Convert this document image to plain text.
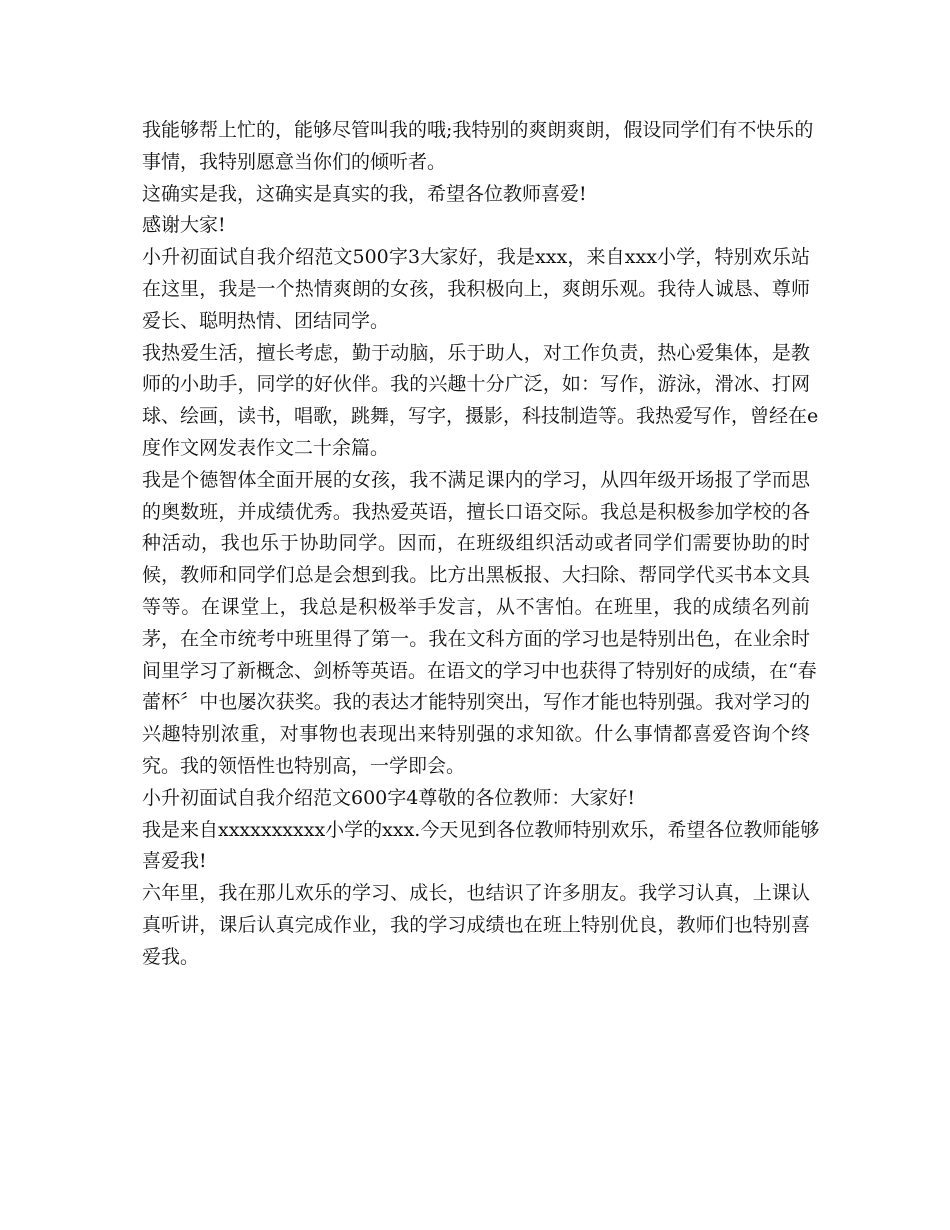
我能够帮上忙的，能够尽管叫我的哦;我特别的爽朗爽朗，假设同学们有不快乐的
事情，我特别愿意当你们的倾听者。
这确实是我，这确实是真实的我，希望各位教师喜爱!
感谢大家!
小升初面试自我介绍范文500字3大家好，我是xxx，来自xxx小学，特别欢乐站
在这里，我是一个热情爽朗的女孩，我积极向上，爽朗乐观。我待人诚恳、尊师
爱长、聪明热情、团结同学。
我热爱生活，擅长考虑，勤于动脑，乐于助人，对工作负责，热心爱集体，是教
师的小助手，同学的好伙伴。我的兴趣十分广泛，如：写作，游泳，滑冰、打网
球、绘画，读书，唱歌，跳舞，写字，摄影，科技制造等。我热爱写作，曾经在e
度作文网发表作文二十余篇。
我是个德智体全面开展的女孩，我不满足课内的学习，从四年级开场报了学而思
的奥数班，并成绩优秀。我热爱英语，擅长口语交际。我总是积极参加学校的各
种活动，我也乐于协助同学。因而，在班级组织活动或者同学们需要协助的时
候，教师和同学们总是会想到我。比方出黑板报、大扫除、帮同学代买书本文具
等等。在课堂上，我总是积极举手发言，从不害怕。在班里，我的成绩名列前
茅，在全市统考中班里得了第一。我在文科方面的学习也是特别出色，在业余时
间里学习了新概念、剑桥等英语。在语文的学习中也获得了特别好的成绩，在“春
蕾杯〞中也屡次获奖。我的表达才能特别突出，写作才能也特别强。我对学习的
兴趣特别浓重，对事物也表现出来特别强的求知欲。什么事情都喜爱咨询个终
究。我的领悟性也特别高，一学即会。
小升初面试自我介绍范文600字4尊敬的各位教师：大家好!
我是来自xxxxxxxxxx小学的xxx.今天见到各位教师特别欢乐，希望各位教师能够
喜爱我!
六年里，我在那儿欢乐的学习、成长，也结识了许多朋友。我学习认真，上课认
真听讲，课后认真完成作业，我的学习成绩也在班上特别优良，教师们也特别喜
爱我。
